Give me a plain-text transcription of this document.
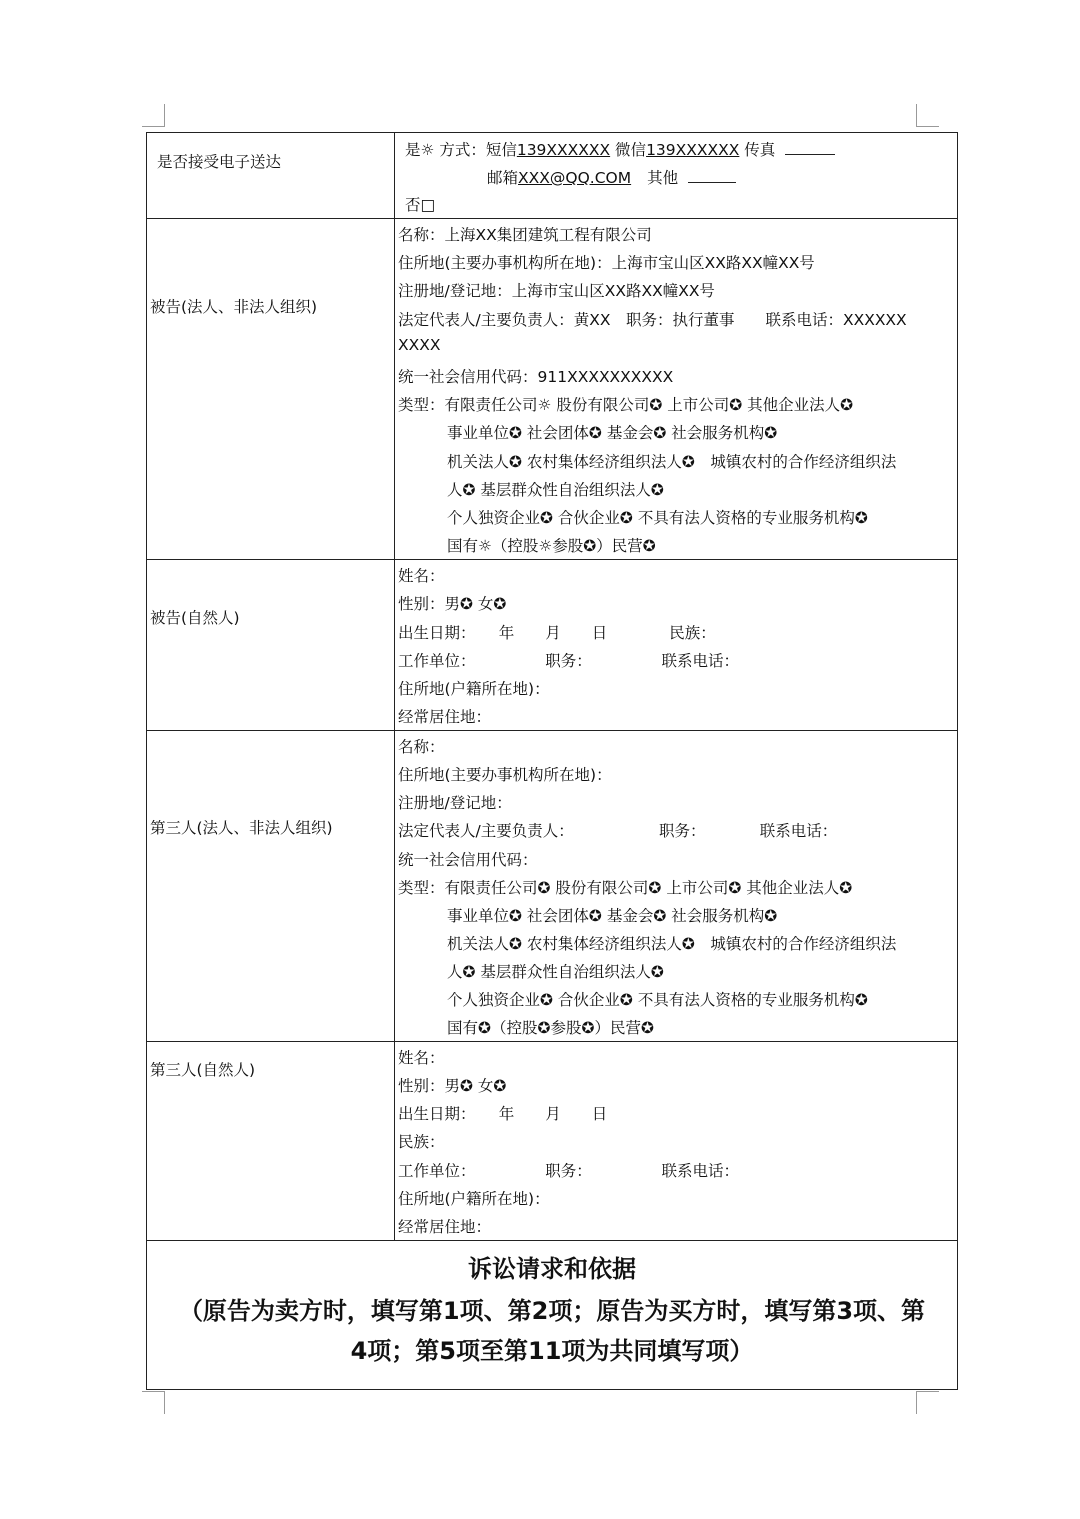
是否接受电子送达
是☼ 方式：短信139XXXXXX 微信139XXXXXX 传真
邮箱XXX@QQ.COM 其他
否□
被告(法人、非法人组织)
名称：上海XX集团建筑工程有限公司
住所地(主要办事机构所在地)：上海市宝山区XX路XX幢XX号
注册地/登记地：上海市宝山区XX路XX幢XX号
法定代表人/主要负责人：黄XX　职务：执行董事　　联系电话：XXXXXX
XXXX
统一社会信用代码：911XXXXXXXXXX
类型：有限责任公司☼ 股份有限公司✪ 上市公司✪ 其他企业法人✪
事业单位✪ 社会团体✪ 基金会✪ 社会服务机构✪
机关法人✪ 农村集体经济组织法人✪　城镇农村的合作经济组织法
人✪ 基层群众性自治组织法人✪
个人独资企业✪ 合伙企业✪ 不具有法人资格的专业服务机构✪
国有☼（控股☼参股✪）民营✪
被告(自然人)
姓名：
性别：男✪ 女✪
出生日期：　　年　　月　　日　　　　民族：
工作单位：　　　　　职务：　　　　　联系电话：
住所地(户籍所在地)：
经常居住地：
第三人(法人、非法人组织)
名称：
住所地(主要办事机构所在地)：
注册地/登记地：
法定代表人/主要负责人：　　　　　　职务：　　　　联系电话：
统一社会信用代码：
类型：有限责任公司✪ 股份有限公司✪ 上市公司✪ 其他企业法人✪
事业单位✪ 社会团体✪ 基金会✪ 社会服务机构✪
机关法人✪ 农村集体经济组织法人✪　城镇农村的合作经济组织法
人✪ 基层群众性自治组织法人✪
个人独资企业✪ 合伙企业✪ 不具有法人资格的专业服务机构✪
国有✪（控股✪参股✪）民营✪
第三人(自然人)
姓名：
性别：男✪ 女✪
出生日期：　　年　　月　　日
民族：
工作单位：　　　　　职务：　　　　　联系电话：
住所地(户籍所在地)：
经常居住地：
诉讼请求和依据
（原告为卖方时，填写第1项、第2项；原告为买方时，填写第3项、第
4项；第5项至第11项为共同填写项）
